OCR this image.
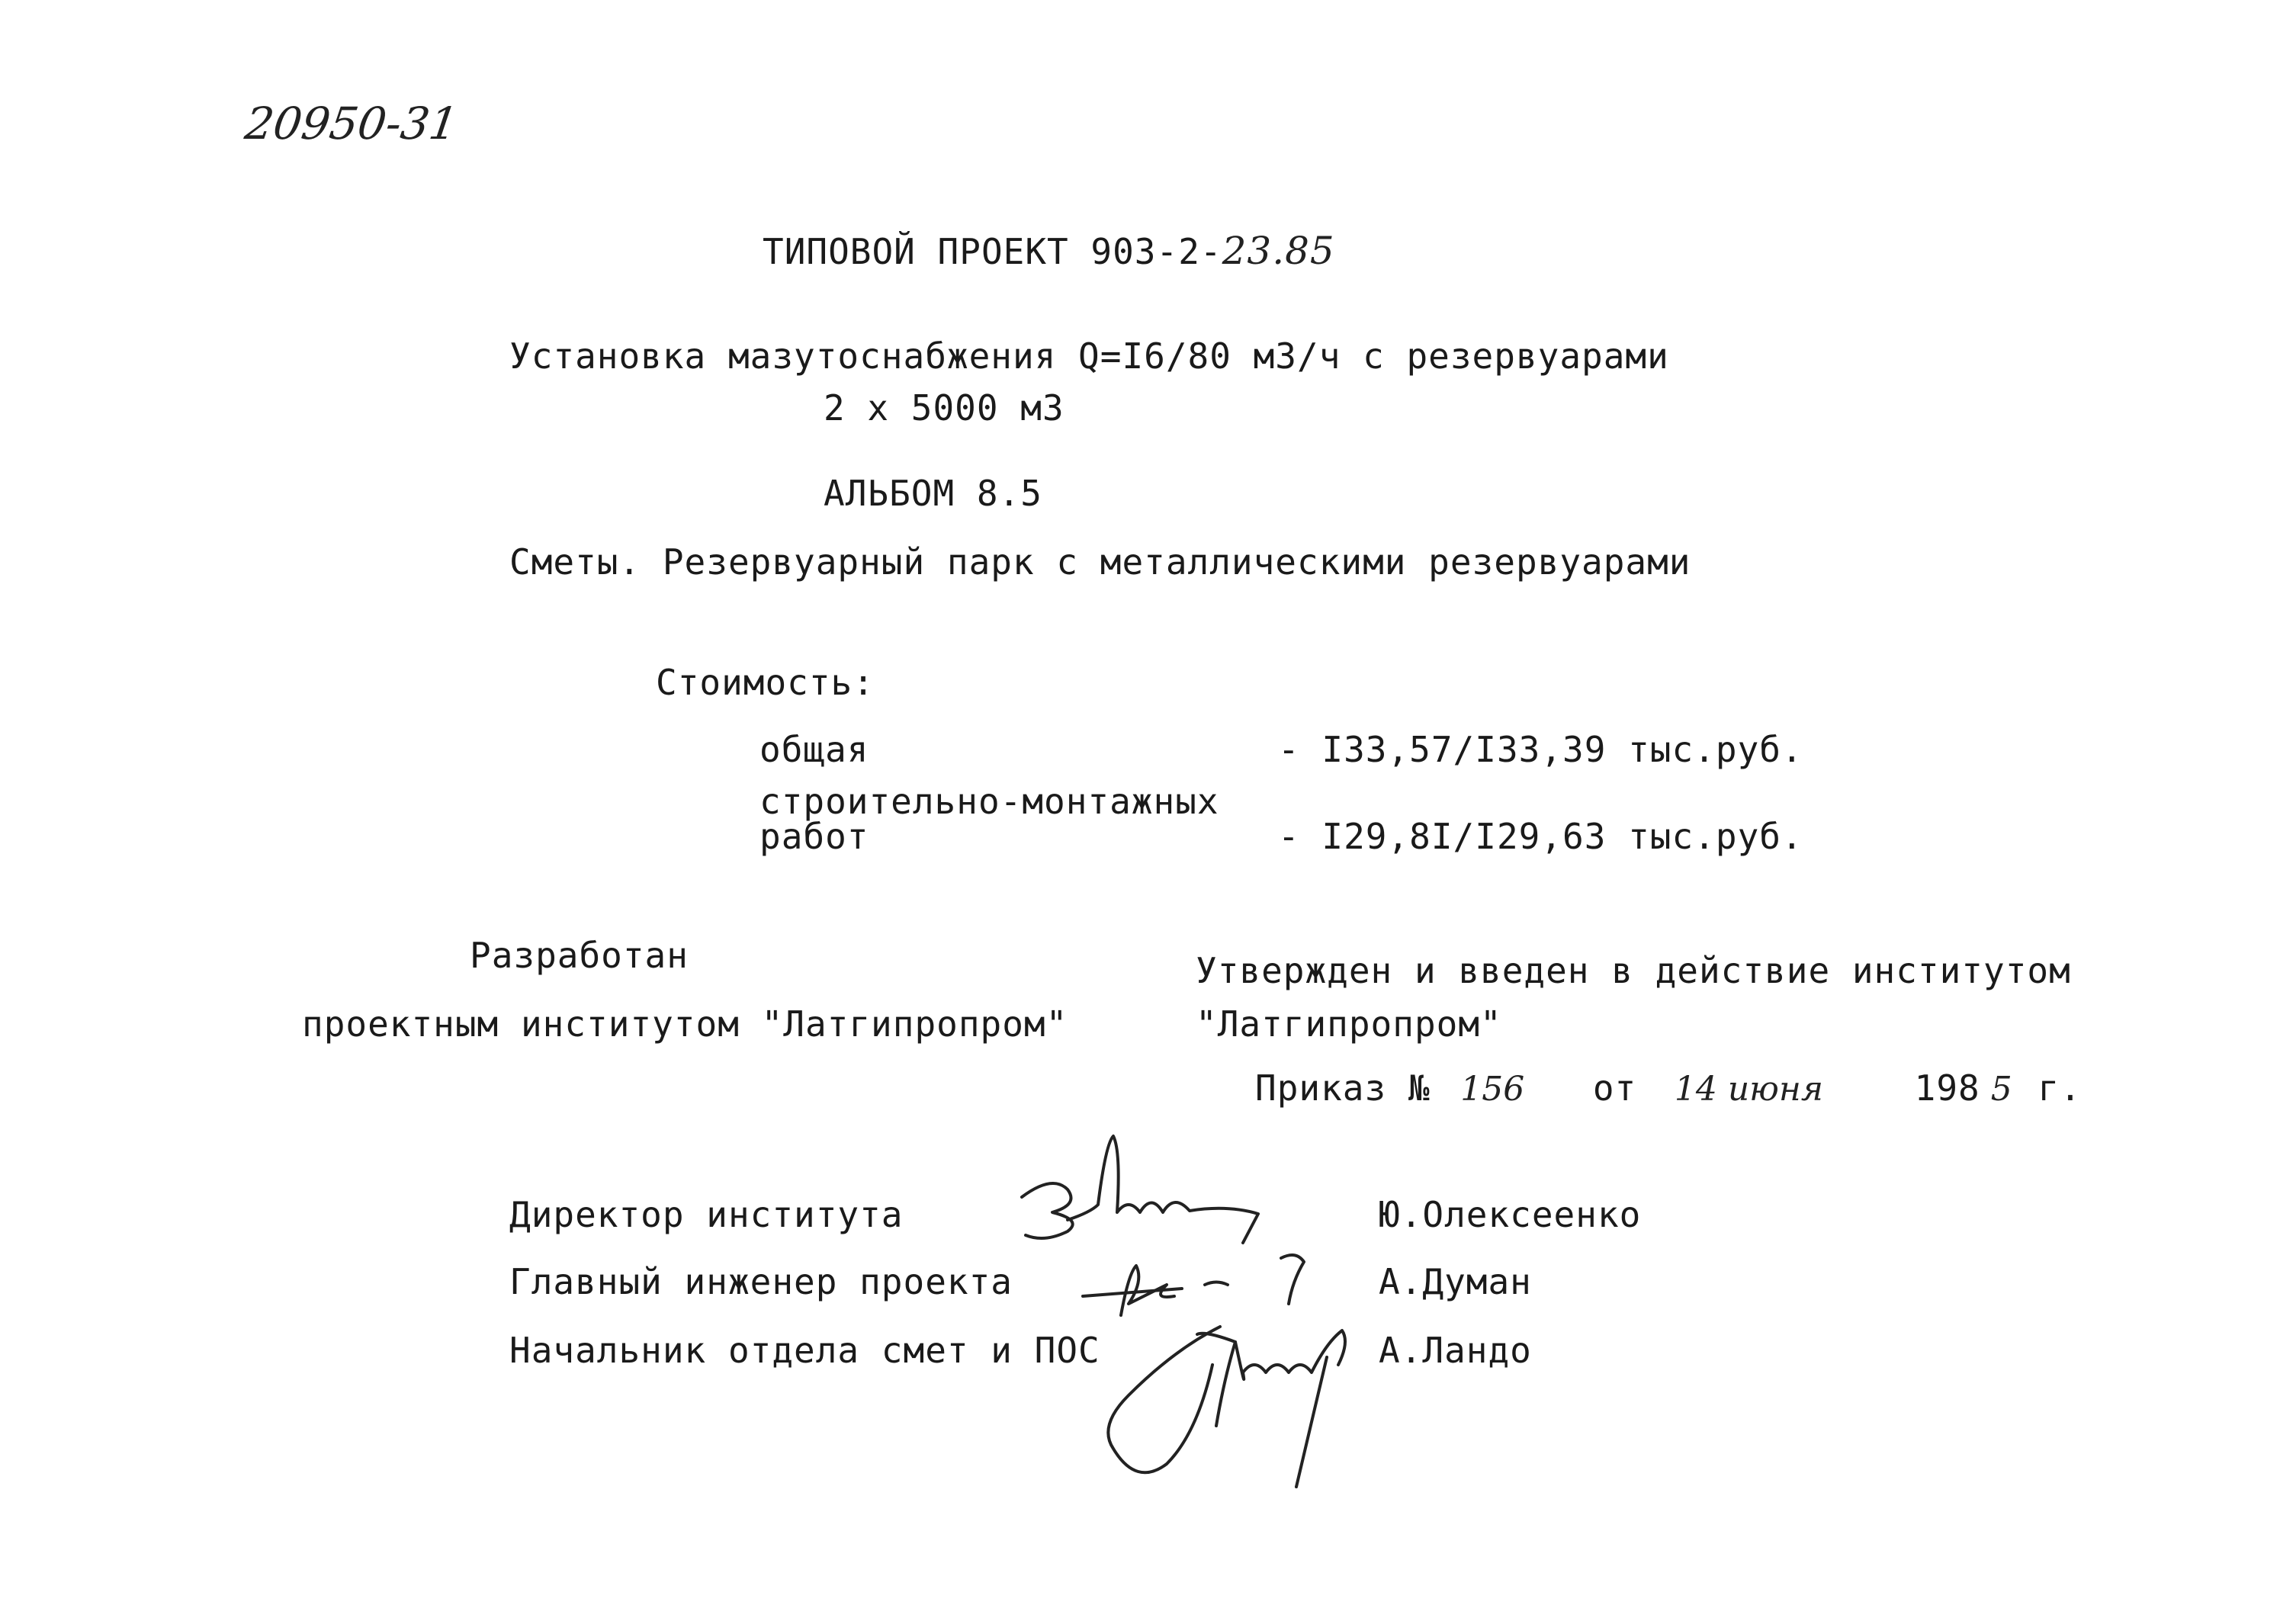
20950-31
ТИПОВОЙ ПРОЕКТ 903-2-23.85
Установка мазутоснабжения Q=I6/80 м3/ч с резервуарами
2 х 5000 м3
АЛЬБОМ 8.5
Сметы. Резервуарный парк с металлическими резервуарами
Стоимость:
общая	- I33,57/I33,39 тыс.руб.
строительно-монтажных
работ	- I29,8I/I29,63 тыс.руб.
Разработан
проектным институтом "Латгипропром"
Утвержден и введен в действие институтом
"Латгипропром"
Приказ № 156 от 14 июня	198 5 г.
Директор института	Ю.Олексеенко
Главный инженер проекта	А.Думан
Начальник отдела смет и ПОС	А.Ландо
